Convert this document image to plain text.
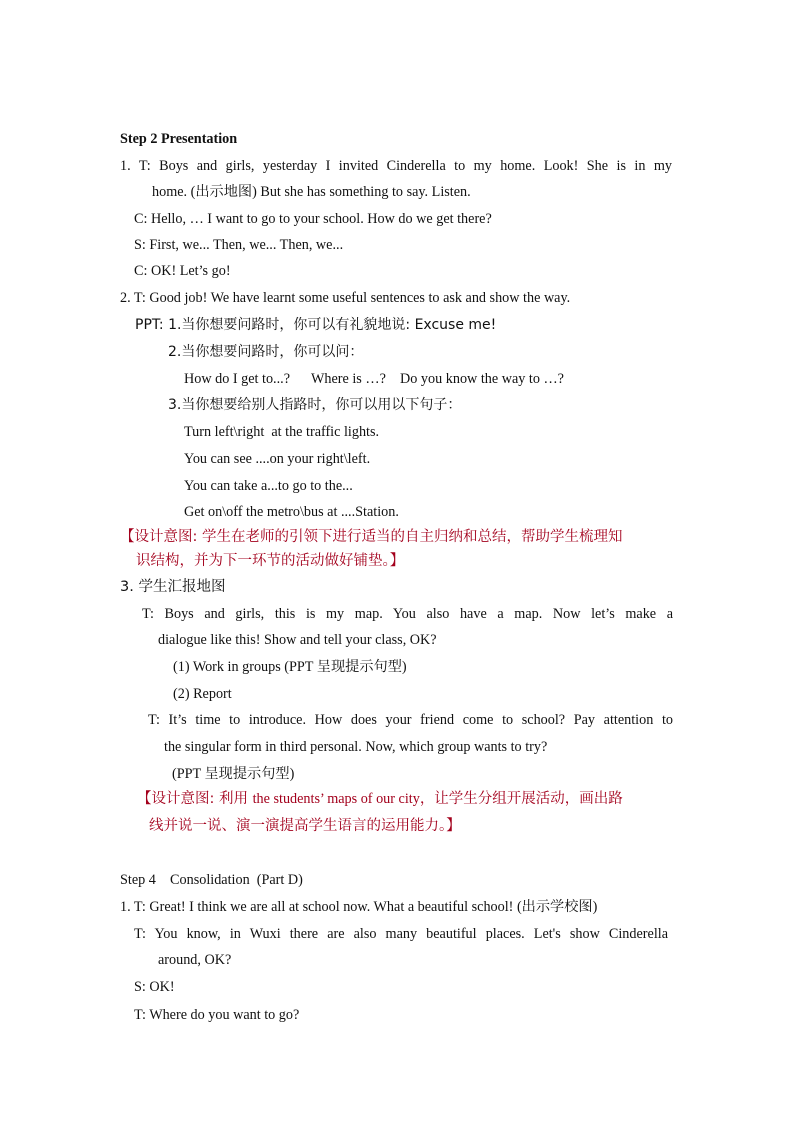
Step 2 Presentation

1. T: Boys and girls, yesterday I invited Cinderella to my home. Look! She is in my

home. (出示地图) But she has something to say. Listen.

C: Hello, … I want to go to your school. How do we get there?

S: First, we... Then, we... Then, we...

C: OK! Let’s go!

2. T: Good job! We have learnt some useful sentences to ask and show the way.

PPT: 1.当你想要问路时，你可以有礼貌地说: Excuse me!

2.当你想要问路时，你可以问：

How do I get to...?      Where is …?    Do you know the way to …?

3.当你想要给别人指路时，你可以用以下句子：

Turn left\right  at the traffic lights.

You can see ....on your right\left.

You can take a...to go to the...

Get on\off the metro\bus at ....Station.

【设计意图: 学生在老师的引领下进行适当的自主归纳和总结，帮助学生梳理知

识结构，并为下一环节的活动做好铺垫。】

3. 学生汇报地图

T: Boys and girls, this is my map. You also have a map. Now let’s make a

dialogue like this! Show and tell your class, OK?

(1) Work in groups (PPT 呈现提示句型)

(2) Report

T: It’s time to introduce. How does your friend come to school? Pay attention to

the singular form in third personal. Now, which group wants to try?

(PPT 呈现提示句型)

【设计意图: 利用 the students’ maps of our city，让学生分组开展活动，画出路

线并说一说、演一演提高学生语言的运用能力。】

Step 4    Consolidation  (Part D)

1. T: Great! I think we are all at school now. What a beautiful school! (出示学校图)

T: You know, in Wuxi there are also many beautiful places. Let's show Cinderella

around, OK?

S: OK!

T: Where do you want to go?
